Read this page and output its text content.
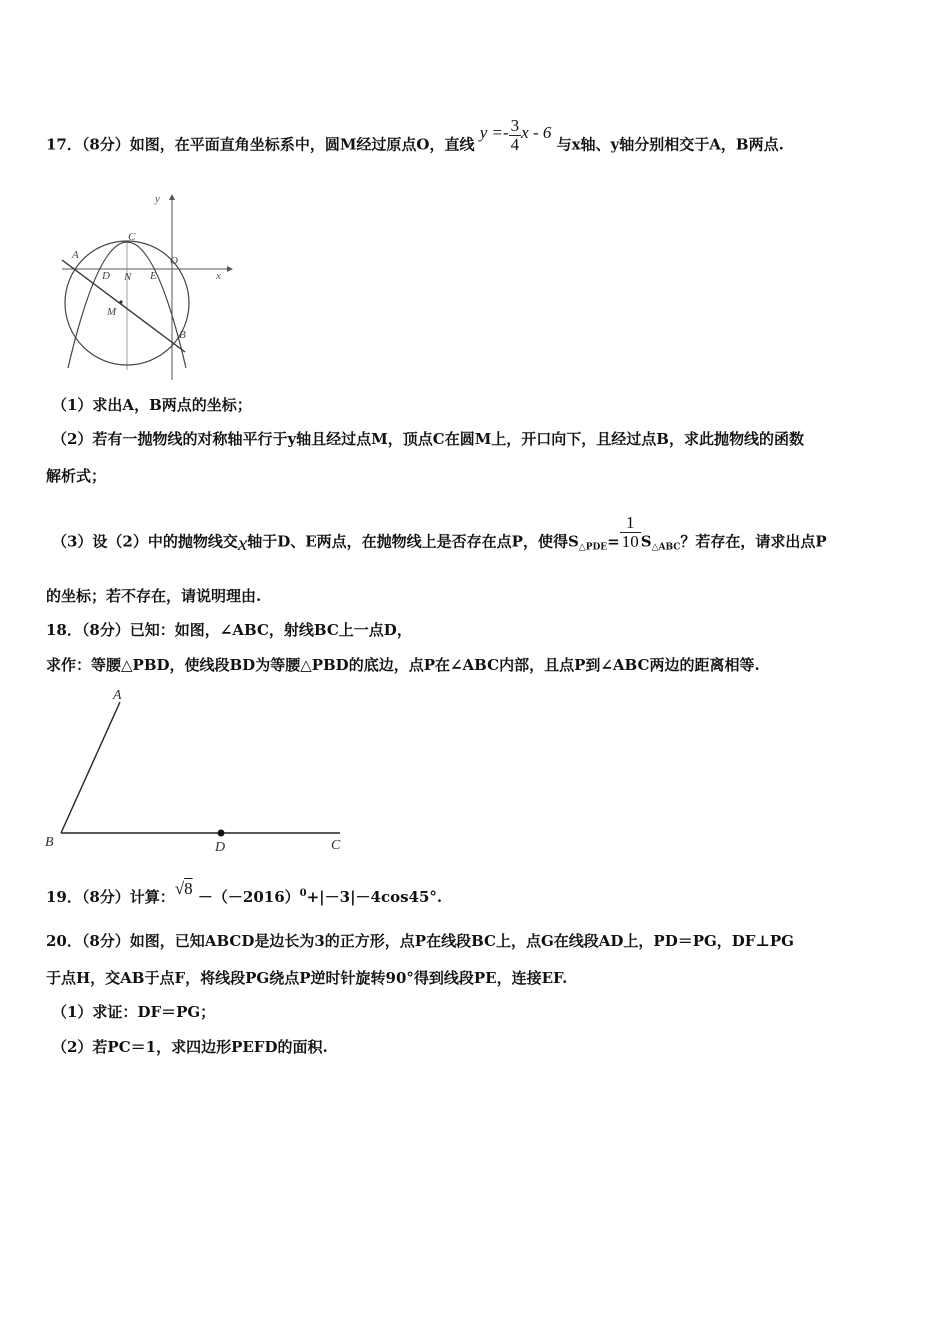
17．（8分）如图，在平面直角坐标系中，圆M经过原点O，直线 $y =- \frac{3}{4}$ x - 6 与x轴、y轴分别相交于A，B两点.
y
x
A
C
O
D N E
M
B
（1）求出A，B两点的坐标；
（2）若有一抛物线的对称轴平行于y轴且经过点M，顶点C在圆M上，开口向下，且经过点B，求此抛物线的函数
解析式；
（3）设（2）中的抛物线交x轴于D、E两点，在抛物线上是否存在点P，使得$S_{\triangle PDE}= \frac{1}{10} S_{\triangle ABC}$？若存在，请求出点P
的坐标；若不存在，请说明理由.
18．（8分）已知：如图，∠ABC，射线BC上一点D，
求作：等腰△PBD，使线段BD为等腰△PBD的底边，点P在∠ABC内部，且点P到∠ABC两边的距离相等.
A
B	D	C
19．（8分）计算：$√8 -(-2016)^0+|-3|-4\cos 45^\circ$.
20．（8分）如图，已知ABCD是边长为3的正方形，点P在线段BC上，点G在线段AD上，PD＝PG，DF⊥PG
于点H，交AB于点F，将线段PG绕点P逆时针旋转90°得到线段PE，连接EF.
（1）求证：DF＝PG；
（2）若PC＝1，求四边形PEFD的面积.
